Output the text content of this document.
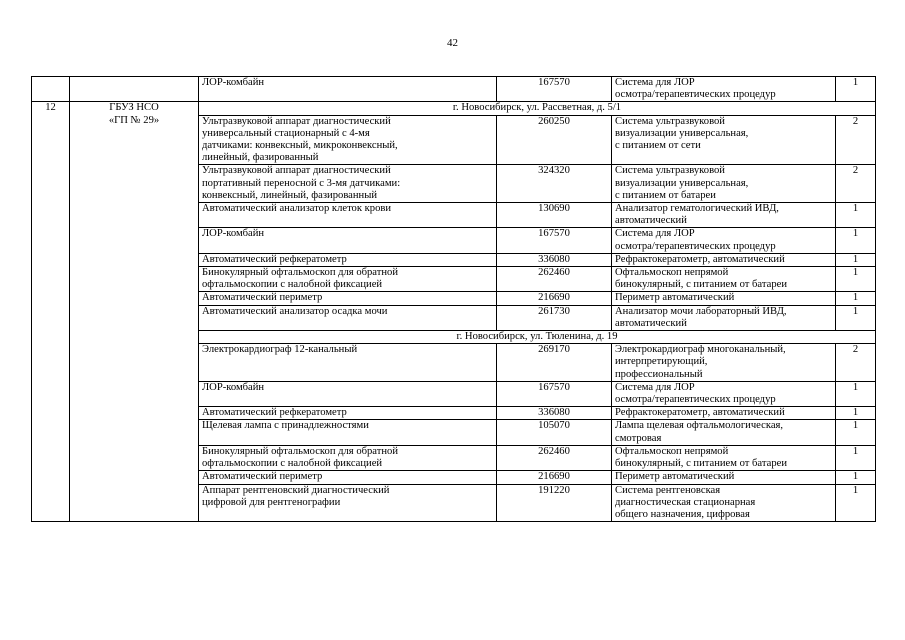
42

		ЛОР-комбайн	167570	Система для ЛОР
осмотра/терапевтических процедур	1
12	ГБУЗ НСО
«ГП № 29»	г. Новосибирск, ул. Рассветная, д. 5/1			

		Ультразвуковой аппарат диагностический
универсальный стационарный с 4-мя
датчиками: конвексный, микроконвексный,
линейный, фазированный	260250	Система ультразвуковой
визуализации универсальная,
с питанием от сети	2

		Ультразвуковой аппарат диагностический
портативный переносной с 3-мя датчиками:
конвексный, линейный, фазированный	324320	Система ультразвуковой
визуализации универсальная,
с питанием от батареи	2

		Автоматический анализатор клеток крови	130690	Анализатор гематологический ИВД,
автоматический	1

		ЛОР-комбайн	167570	Система для ЛОР
осмотра/терапевтических процедур	1

		Автоматический рефкератометр	336080	Рефрактокератометр, автоматический	1

		Бинокулярный офтальмоскоп для обратной
офтальмоскопии с налобной фиксацией	262460	Офтальмоскоп непрямой
бинокулярный, с питанием от батареи	1

		Автоматический периметр	216690	Периметр автоматический	1

		Автоматический анализатор осадка мочи	261730	Анализатор мочи лабораторный ИВД,
автоматический	1
		г. Новосибирск, ул. Тюленина, д. 19			

		Электрокардиограф 12-канальный	269170	Электрокардиограф многоканальный,
интерпретирующий,
профессиональный	2

		ЛОР-комбайн	167570	Система для ЛОР
осмотра/терапевтических процедур	1

		Автоматический рефкератометр	336080	Рефрактокератометр, автоматический	1

		Щелевая лампа с принадлежностями	105070	Лампа щелевая офтальмологическая,
смотровая	1

		Бинокулярный офтальмоскоп для обратной
офтальмоскопии с налобной фиксацией	262460	Офтальмоскоп непрямой
бинокулярный, с питанием от батареи	1

		Автоматический периметр	216690	Периметр автоматический	1

		Аппарат рентгеновский диагностический
цифровой для рентгенографии	191220	Система рентгеновская
диагностическая стационарная
общего назначения, цифровая	1
